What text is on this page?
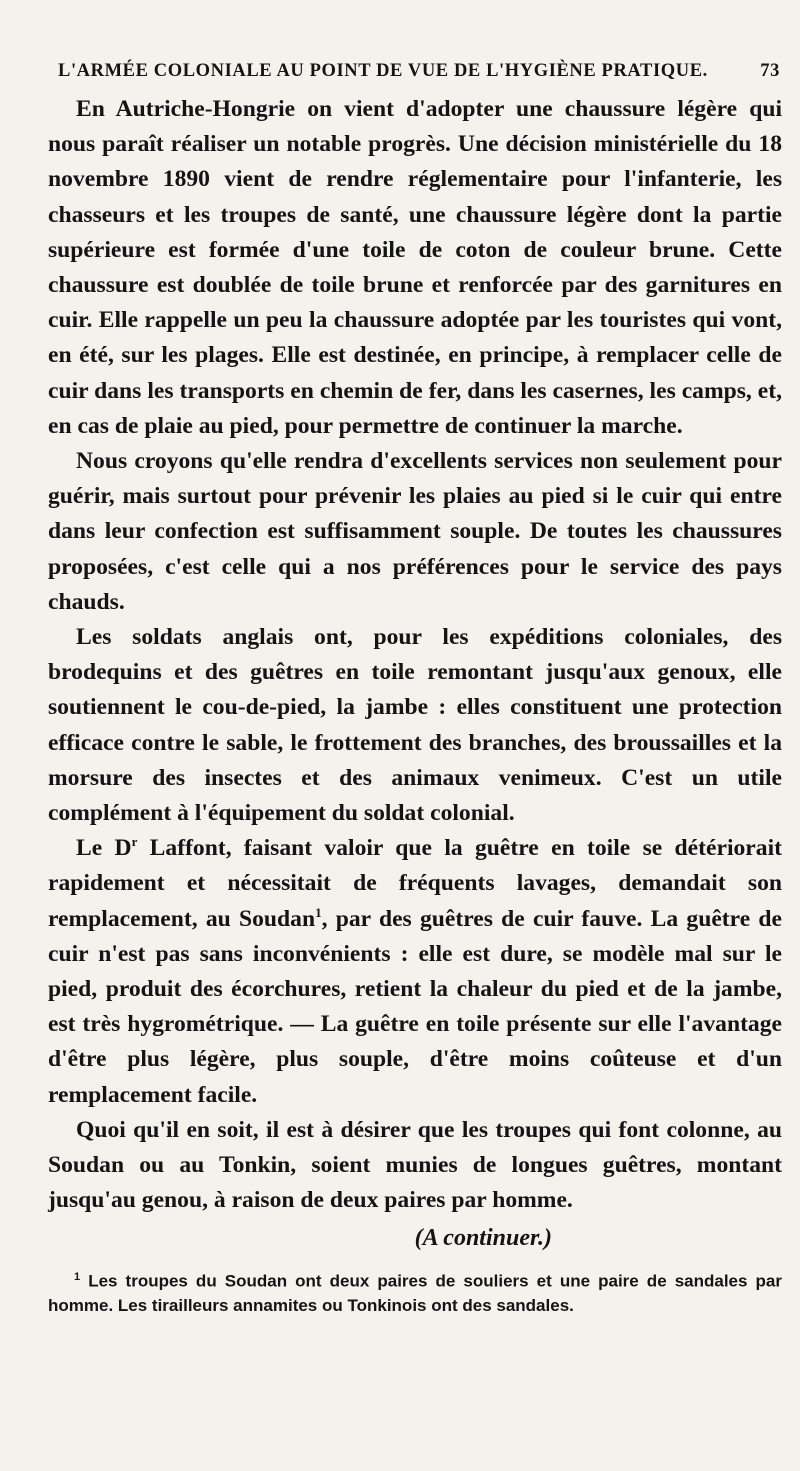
L'ARMÉE COLONIALE AU POINT DE VUE DE L'HYGIÈNE PRATIQUE.	73

En Autriche-Hongrie on vient d'adopter une chaussure légère qui nous paraît réaliser un notable progrès. Une décision ministérielle du 18 novembre 1890 vient de rendre réglementaire pour l'infanterie, les chasseurs et les troupes de santé, une chaussure légère dont la partie supérieure est formée d'une toile de coton de couleur brune. Cette chaussure est doublée de toile brune et renforcée par des garnitures en cuir. Elle rappelle un peu la chaussure adoptée par les touristes qui vont, en été, sur les plages. Elle est destinée, en principe, à remplacer celle de cuir dans les transports en chemin de fer, dans les casernes, les camps, et, en cas de plaie au pied, pour permettre de continuer la marche.

Nous croyons qu'elle rendra d'excellents services non seulement pour guérir, mais surtout pour prévenir les plaies au pied si le cuir qui entre dans leur confection est suffisamment souple. De toutes les chaussures proposées, c'est celle qui a nos préférences pour le service des pays chauds.

Les soldats anglais ont, pour les expéditions coloniales, des brodequins et des guêtres en toile remontant jusqu'aux genoux, elle soutiennent le cou-de-pied, la jambe : elles constituent une protection efficace contre le sable, le frottement des branches, des broussailles et la morsure des insectes et des animaux venimeux. C'est un utile complément à l'équipement du soldat colonial.

Le $D^r$ Laffont, faisant valoir que la guêtre en toile se détériorait rapidement et nécessitait de fréquents lavages, demandait son remplacement, au Soudan$^1$, par des guêtres de cuir fauve. La guêtre de cuir n'est pas sans inconvénients : elle est dure, se modèle mal sur le pied, produit des écorchures, retient la chaleur du pied et de la jambe, est très hygrométrique. — La guêtre en toile présente sur elle l'avantage d'être plus légère, plus souple, d'être moins coûteuse et d'un remplacement facile.

Quoi qu'il en soit, il est à désirer que les troupes qui font colonne, au Soudan ou au Tonkin, soient munies de longues guêtres, montant jusqu'au genou, à raison de deux paires par homme.

(A continuer.)
$^1$ Les troupes du Soudan ont deux paires de souliers et une paire de sandales par homme. Les tirailleurs annamites ou Tonkinois ont des sandales.
